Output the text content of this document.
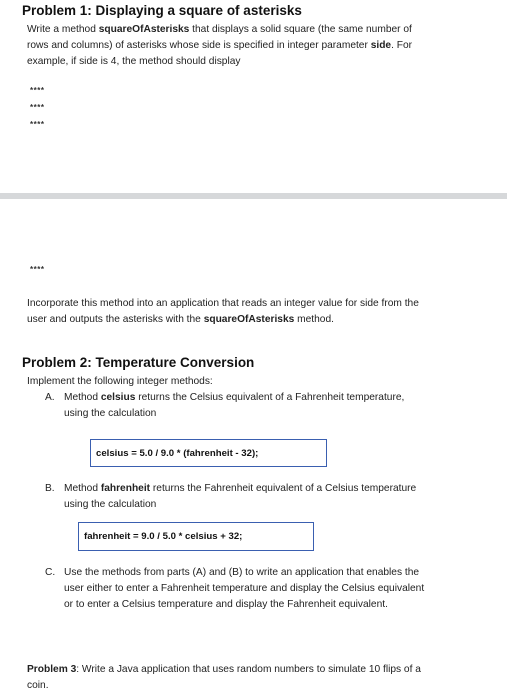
Problem 1: Displaying a square of asterisks
Write a method squareOfAsterisks that displays a solid square (the same number of
rows and columns) of asterisks whose side is specified in integer parameter side. For
example, if side is 4, the method should display
****
****
****
****
Incorporate this method into an application that reads an integer value for side from the
user and outputs the asterisks with the squareOfAsterisks method.
Problem 2: Temperature Conversion
Implement the following integer methods:
A. Method celsius returns the Celsius equivalent of a Fahrenheit temperature,
using the calculation
celsius = 5.0 / 9.0 * (fahrenheit - 32);
B. Method fahrenheit returns the Fahrenheit equivalent of a Celsius temperature
using the calculation
fahrenheit = 9.0 / 5.0 * celsius + 32;
C. Use the methods from parts (A) and (B) to write an application that enables the
user either to enter a Fahrenheit temperature and display the Celsius equivalent
or to enter a Celsius temperature and display the Fahrenheit equivalent.
Problem 3: Write a Java application that uses random numbers to simulate 10 flips of a
coin.
